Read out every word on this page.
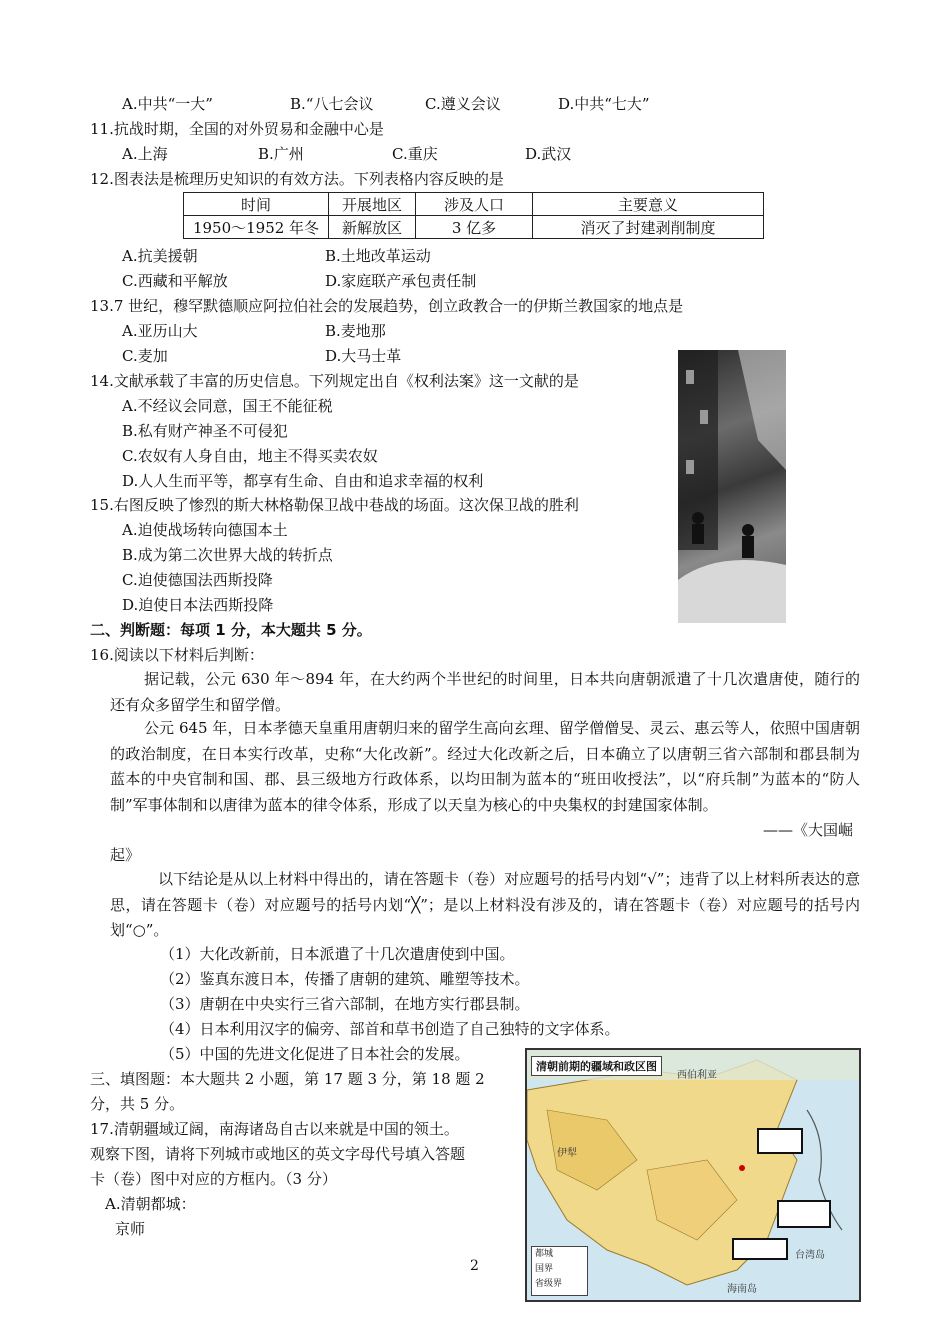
A.中共“一大”	B.“八七会议	C.遵义会议	D.中共“七大”
11.抗战时期，全国的对外贸易和金融中心是
A.上海	B.广州	C.重庆	D.武汉
12.图表法是梳理历史知识的有效方法。下列表格内容反映的是
时间	开展地区	涉及人口	主要意义
1950～1952 年冬	新解放区	3 亿多	消灭了封建剥削制度
A.抗美援朝	B.土地改革运动
C.西藏和平解放	D.家庭联产承包责任制
13.7 世纪，穆罕默德顺应阿拉伯社会的发展趋势，创立政教合一的伊斯兰教国家的地点是
A.亚历山大	B.麦地那
C.麦加	D.大马士革
14.文献承载了丰富的历史信息。下列规定出自《权利法案》这一文献的是
A.不经议会同意，国王不能征税
B.私有财产神圣不可侵犯
C.农奴有人身自由，地主不得买卖农奴
D.人人生而平等，都享有生命、自由和追求幸福的权利
15.右图反映了惨烈的斯大林格勒保卫战中巷战的场面。这次保卫战的胜利
A.迫使战场转向德国本土
B.成为第二次世界大战的转折点
C.迫使德国法西斯投降
D.迫使日本法西斯投降
二、判断题：每项 1 分，本大题共 5 分。
16.阅读以下材料后判断：
据记载，公元 630 年～894 年，在大约两个半世纪的时间里，日本共向唐朝派遣了十几次遣唐使，随行的还有众多留学生和留学僧。
公元 645 年，日本孝德天皇重用唐朝归来的留学生高向玄理、留学僧僧旻、灵云、惠云等人，依照中国唐朝的政治制度，在日本实行改革，史称“大化改新”。经过大化改新之后，日本确立了以唐朝三省六部制和郡县制为蓝本的中央官制和国、郡、县三级地方行政体系，以均田制为蓝本的“班田收授法”，以“府兵制”为蓝本的“防人制”军事体制和以唐律为蓝本的律令体系，形成了以天皇为核心的中央集权的封建国家体制。
——《大国崛
起》
以下结论是从以上材料中得出的，请在答题卡（卷）对应题号的括号内划“√”；违背了以上材料所表达的意思，请在答题卡（卷）对应题号的括号内划“╳”；是以上材料没有涉及的，请在答题卡（卷）对应题号的括号内划“○”。
（1）大化改新前，日本派遣了十几次遣唐使到中国。
（2）鉴真东渡日本，传播了唐朝的建筑、雕塑等技术。
（3）唐朝在中央实行三省六部制，在地方实行郡县制。
（4）日本利用汉字的偏旁、部首和草书创造了自己独特的文字体系。
（5）中国的先进文化促进了日本社会的发展。
三、填图题：本大题共 2 小题，第 17 题 3 分，第 18 题 2
分，共 5 分。
17.清朝疆域辽阔，南海诸岛自古以来就是中国的领土。
观察下图，请将下列城市或地区的英文字母代号填入答题
卡（卷）图中对应的方框内。（3 分）
A.清朝都城：
京师
清朝前期的疆域和政区图
西伯利亚
伊犁
台湾岛
海南岛
都城
国界
省级界
2
